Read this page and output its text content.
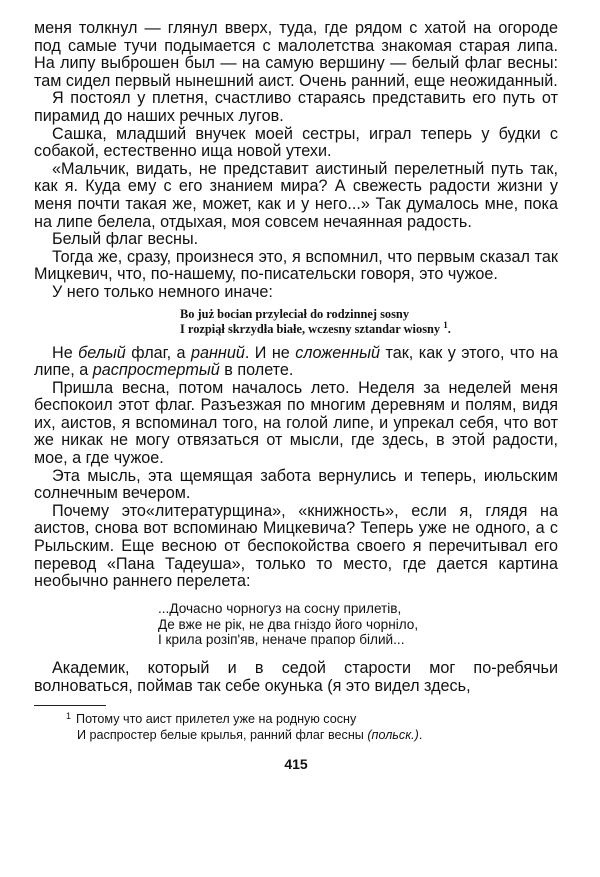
меня толкнул — глянул вверх, туда, где рядом с хатой на огороде под самые тучи подымается с малолетства знакомая старая липа. На липу выброшен был — на самую вершину — белый флаг весны: там сидел первый нынешний аист. Очень ранний, еще неожиданный.

Я постоял у плетня, счастливо стараясь представить его путь от пирамид до наших речных лугов.

Сашка, младший внучек моей сестры, играл теперь у будки с собакой, естественно ища новой утехи.

«Мальчик, видать, не представит аистиный перелетный путь так, как я. Куда ему с его знанием мира? А свежесть радости жизни у меня почти такая же, может, как и у него...» Так думалось мне, пока на липе белела, отдыхая, моя совсем нечаянная радость.

Белый флаг весны.

Тогда же, сразу, произнеся это, я вспомнил, что первым сказал так Мицкевич, что, по-нашему, по-писательски говоря, это чужое.

У него только немного иначе:

Bo już bocian przyleciał do rodzinnej sosny
I rozpiął skrzydła białe, wczesny sztandar wiosny $^1$.

Не белый флаг, а ранний. И не сложенный так, как у этого, что на липе, а распростертый в полете.

Пришла весна, потом началось лето. Неделя за неделей меня беспокоил этот флаг. Разъезжая по многим деревням и полям, видя их, аистов, я вспоминал того, на голой липе, и упрекал себя, что вот же никак не могу отвязаться от мысли, где здесь, в этой радости, мое, а где чужое.

Эта мысль, эта щемящая забота вернулись и теперь, июльским солнечным вечером.

Почему это«литературщина», «книжность», если я, глядя на аистов, снова вот вспоминаю Мицкевича? Теперь уже не одного, а с Рыльским. Еще весною от беспокойства своего я перечитывал его перевод «Пана Тадеуша», только то место, где дается картина необычно раннего перелета:

...Дочасно чорногуз на сосну прилетів,
Де вже не рік, не два гніздо його чорніло,
І крила розіп'яв, неначе прапор білий...

Академик, который и в седой старости мог по-ребячьи волноваться, поймав так себе окунька (я это видел здесь,

$^1$ Потому что аист прилетел уже на родную сосну
И распростер белые крылья, ранний флаг весны (польск.).
415
